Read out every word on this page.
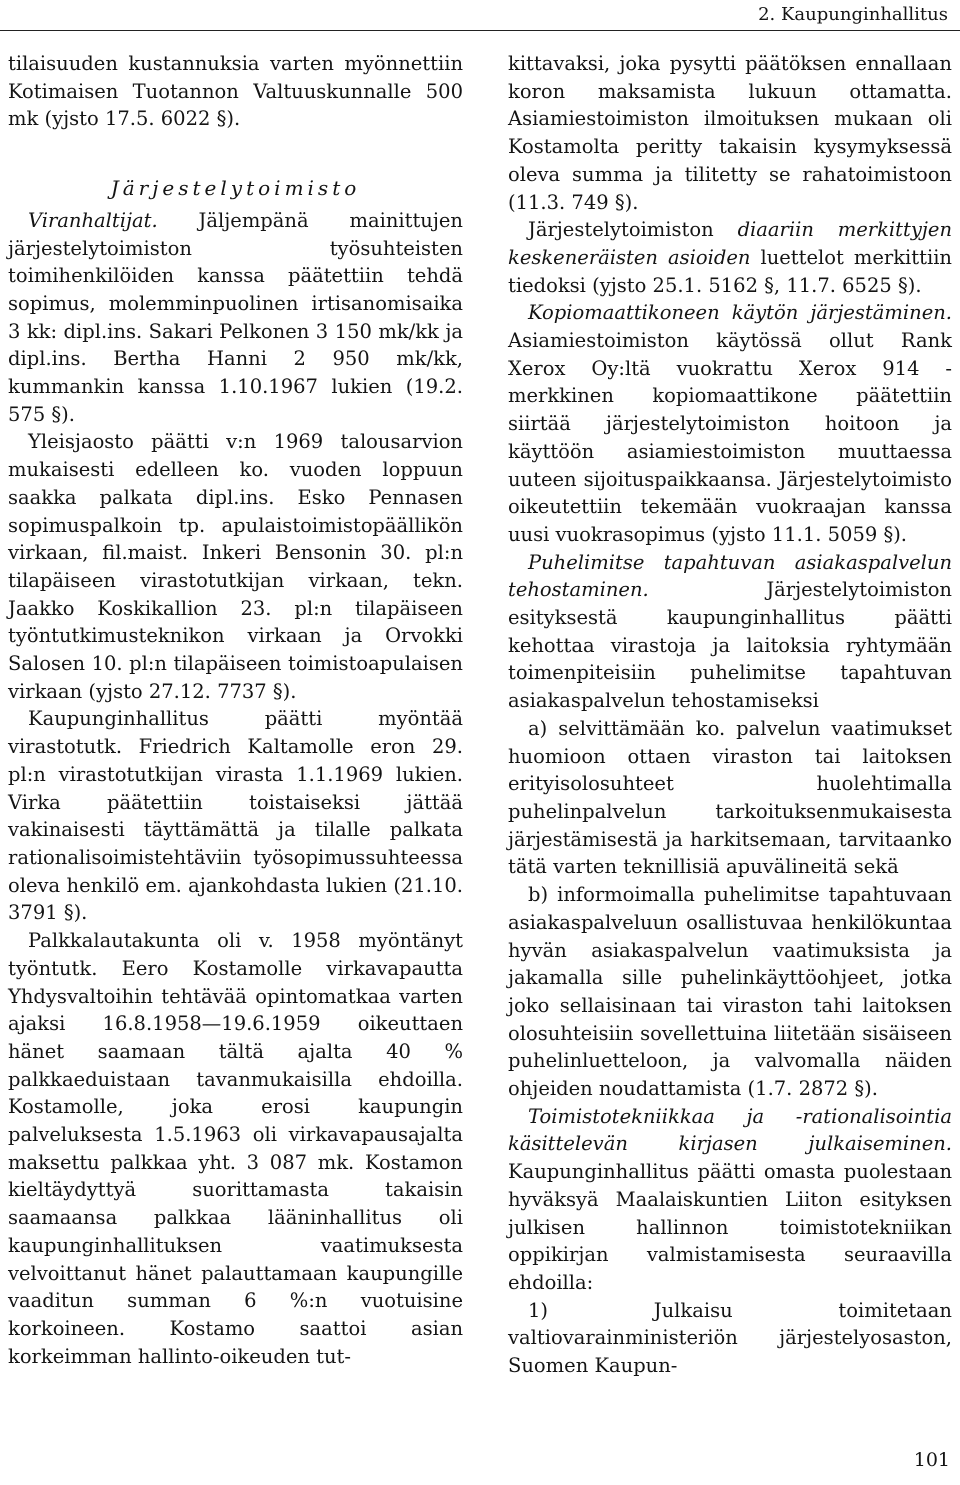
2. Kaupunginhallitus

tilaisuuden kustannuksia varten myönnettiin Kotimaisen Tuotannon Valtuuskunnalle 500 mk (yjsto 17.5. 6022 §).

Järjestelytoimisto

Viranhaltijat. Jäljempänä mainittujen järjestelytoimiston työsuhteisten toimihenkilöiden kanssa päätettiin tehdä sopimus, molemminpuolinen irtisanomisaika 3 kk: dipl.ins. Sakari Pelkonen 3 150 mk/kk ja dipl.ins. Bertha Hanni 2 950 mk/kk, kummankin kanssa 1.10.1967 lukien (19.2. 575 §).

Yleisjaosto päätti v:n 1969 talousarvion mukaisesti edelleen ko. vuoden loppuun saakka palkata dipl.ins. Esko Pennasen sopimuspalkoin tp. apulaistoimistopäällikön virkaan, fil.maist. Inkeri Bensonin 30. pl:n tilapäiseen virastotutkijan virkaan, tekn. Jaakko Koskikallion 23. pl:n tilapäiseen työntutkimusteknikon virkaan ja Orvokki Salosen 10. pl:n tilapäiseen toimistoapulaisen virkaan (yjsto 27.12. 7737 §).

Kaupunginhallitus päätti myöntää virastotutk. Friedrich Kaltamolle eron 29. pl:n virastotutkijan virasta 1.1.1969 lukien. Virka päätettiin toistaiseksi jättää vakinaisesti täyttämättä ja tilalle palkata rationalisoimistehtäviin työsopimussuhteessa oleva henkilö em. ajankohdasta lukien (21.10. 3791 §).

Palkkalautakunta oli v. 1958 myöntänyt työntutk. Eero Kostamolle virkavapautta Yhdysvaltoihin tehtävää opintomatkaa varten ajaksi 16.8.1958—19.6.1959 oikeuttaen hänet saamaan tältä ajalta 40 % palkkaeduistaan tavanmukaisilla ehdoilla. Kostamolle, joka erosi kaupungin palveluksesta 1.5.1963 oli virkavapausajalta maksettu palkkaa yht. 3 087 mk. Kostamon kieltäydyttyä suorittamasta takaisin saamaansa palkkaa lääninhallitus oli kaupunginhallituksen vaatimuksesta velvoittanut hänet palauttamaan kaupungille vaaditun summan 6 %:n vuotuisine korkoineen. Kostamo saattoi asian korkeimman hallinto-oikeuden tut-

kittavaksi, joka pysytti päätöksen ennallaan koron maksamista lukuun ottamatta. Asiamiestoimiston ilmoituksen mukaan oli Kostamolta peritty takaisin kysymyksessä oleva summa ja tilitetty se rahatoimistoon (11.3. 749 §).

Järjestelytoimiston diaariin merkittyjen keskeneräisten asioiden luettelot merkittiin tiedoksi (yjsto 25.1. 5162 §, 11.7. 6525 §).

Kopiomaattikoneen käytön järjestäminen. Asiamiestoimiston käytössä ollut Rank Xerox Oy:ltä vuokrattu Xerox 914 -merkkinen kopiomaattikone päätettiin siirtää järjestelytoimiston hoitoon ja käyttöön asiamiestoimiston muuttaessa uuteen sijoituspaikkaansa. Järjestelytoimisto oikeutettiin tekemään vuokraajan kanssa uusi vuokrasopimus (yjsto 11.1. 5059 §).

Puhelimitse tapahtuvan asiakaspalvelun tehostaminen. Järjestelytoimiston esityksestä kaupunginhallitus päätti kehottaa virastoja ja laitoksia ryhtymään toimenpiteisiin puhelimitse tapahtuvan asiakaspalvelun tehostamiseksi

a) selvittämään ko. palvelun vaatimukset huomioon ottaen viraston tai laitoksen erityisolosuhteet huolehtimalla puhelinpalvelun tarkoituksenmukaisesta järjestämisestä ja harkitsemaan, tarvitaanko tätä varten teknillisiä apuvälineitä sekä

b) informoimalla puhelimitse tapahtuvaan asiakaspalveluun osallistuvaa henkilökuntaa hyvän asiakaspalvelun vaatimuksista ja jakamalla sille puhelinkäyttöohjeet, jotka joko sellaisinaan tai viraston tahi laitoksen olosuhteisiin sovellettuina liitetään sisäiseen puhelinluetteloon, ja valvomalla näiden ohjeiden noudattamista (1.7. 2872 §).

Toimistotekniikkaa ja -rationalisointia käsittelevän kirjasen julkaiseminen. Kaupunginhallitus päätti omasta puolestaan hyväksyä Maalaiskuntien Liiton esityksen julkisen hallinnon toimistotekniikan oppikirjan valmistamisesta seuraavilla ehdoilla:

1) Julkaisu toimitetaan valtiovarainministeriön järjestelyosaston, Suomen Kaupun-

101
